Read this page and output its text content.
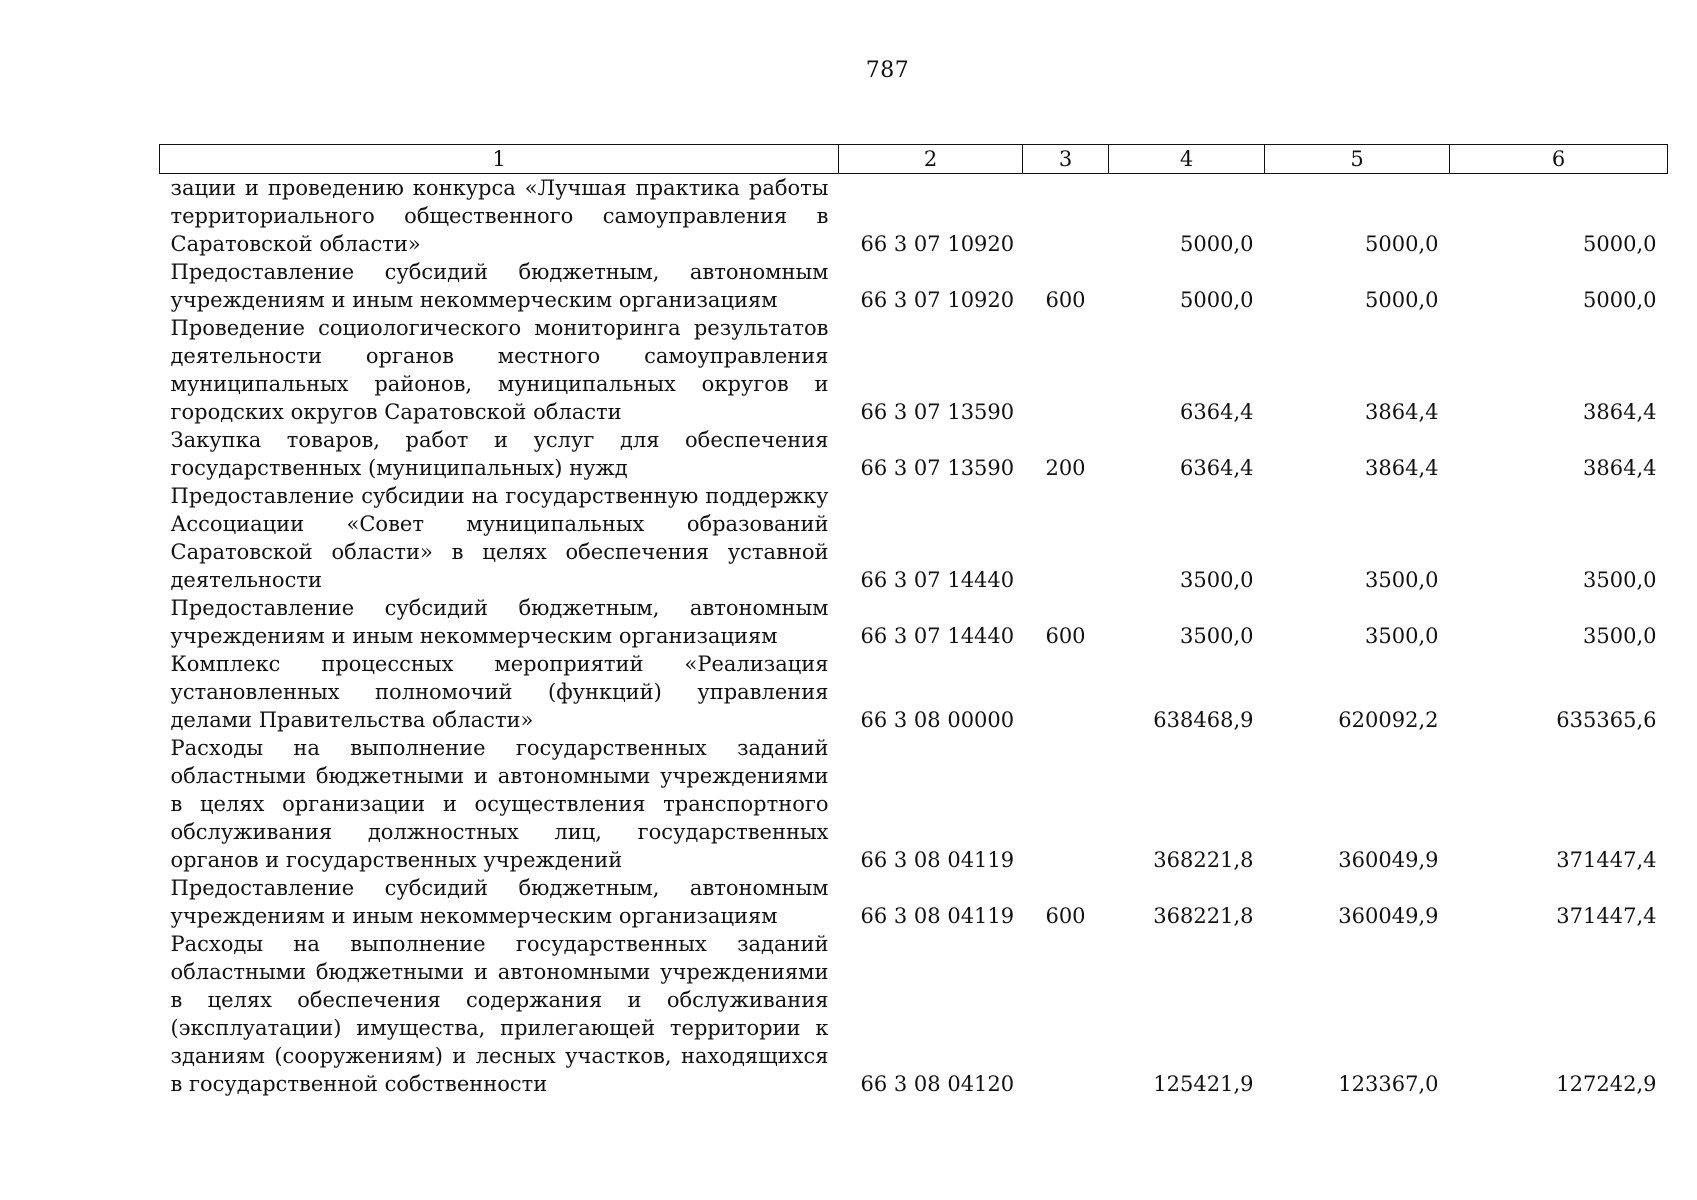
787
1	2	3	4	5	6
зации и проведению конкурса «Лучшая практика работы территориального общественного самоуправления в Саратовской области»	66 3 07 10920		5000,0	5000,0	5000,0
Предоставление субсидий бюджетным, автономным учреждениям и иным некоммерческим организациям	66 3 07 10920	600	5000,0	5000,0	5000,0
Проведение социологического мониторинга результатов деятельности органов местного самоуправления муниципальных районов, муниципальных округов и городских округов Саратовской области	66 3 07 13590		6364,4	3864,4	3864,4
Закупка товаров, работ и услуг для обеспечения государственных (муниципальных) нужд	66 3 07 13590	200	6364,4	3864,4	3864,4
Предоставление субсидии на государственную поддержку Ассоциации «Совет муниципальных образований Саратовской области» в целях обеспечения уставной деятельности	66 3 07 14440		3500,0	3500,0	3500,0
Предоставление субсидий бюджетным, автономным учреждениям и иным некоммерческим организациям	66 3 07 14440	600	3500,0	3500,0	3500,0
Комплекс процессных мероприятий «Реализация установленных полномочий (функций) управления делами Правительства области»	66 3 08 00000		638468,9	620092,2	635365,6
Расходы на выполнение государственных заданий областными бюджетными и автономными учреждениями в целях организации и осуществления транспортного обслуживания должностных лиц, государственных органов и государственных учреждений	66 3 08 04119		368221,8	360049,9	371447,4
Предоставление субсидий бюджетным, автономным учреждениям и иным некоммерческим организациям	66 3 08 04119	600	368221,8	360049,9	371447,4
Расходы на выполнение государственных заданий областными бюджетными и автономными учреждениями в целях обеспечения содержания и обслуживания (эксплуатации) имущества, прилегающей территории к зданиям (сооружениям) и лесных участков, находящихся в государственной собственности	66 3 08 04120		125421,9	123367,0	127242,9
